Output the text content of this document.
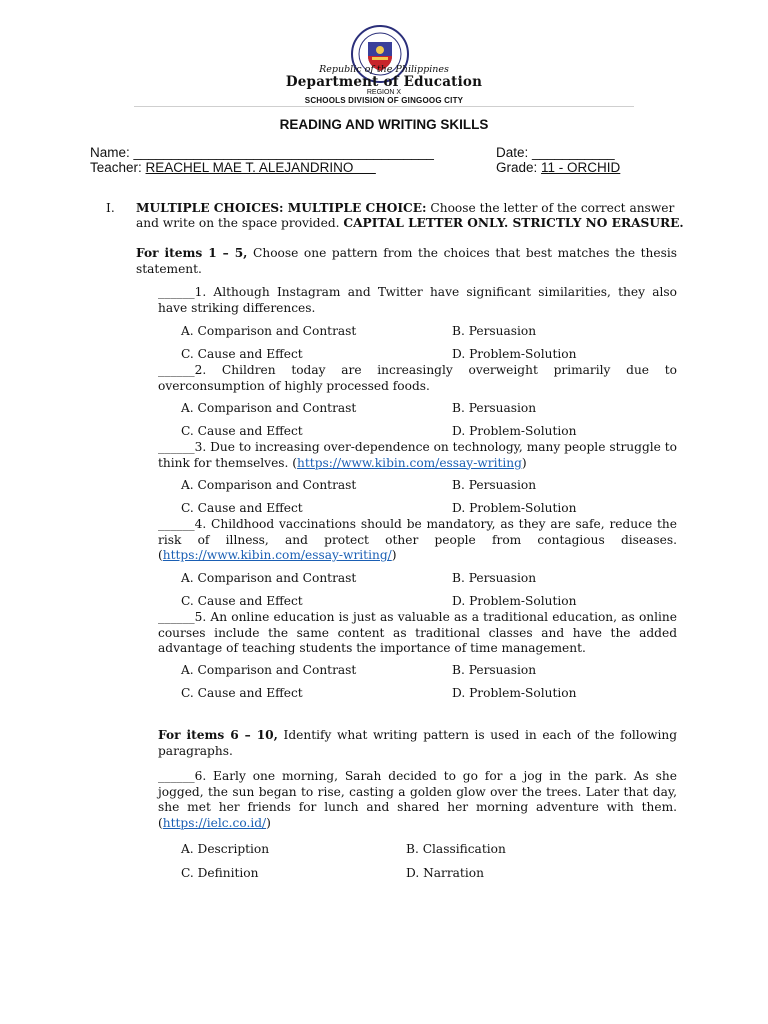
Republic of the Philippines
Department of Education
REGION X
SCHOOLS DIVISION OF GINGOOG CITY
READING AND WRITING SKILLS
Name: ________________________________________	Date: ___________
Teacher: REACHEL MAE T. ALEJANDRINO	Grade: 11 - ORCHID
I. MULTIPLE CHOICES: MULTIPLE CHOICE: Choose the letter of the correct answer
and write on the space provided. CAPITAL LETTER ONLY. STRICTLY NO ERASURE.
For items 1 – 5, Choose one pattern from the choices that best matches the thesis statement.
______1. Although Instagram and Twitter have significant similarities, they also have striking differences.
A. Comparison and Contrast	B. Persuasion
C. Cause and Effect	D. Problem-Solution
______2. Children today are increasingly overweight primarily due to overconsumption of highly processed foods.
A. Comparison and Contrast	B. Persuasion
C. Cause and Effect	D. Problem-Solution
______3. Due to increasing over-dependence on technology, many people struggle to think for themselves. (https://www.kibin.com/essay-writing)
A. Comparison and Contrast	B. Persuasion
C. Cause and Effect	D. Problem-Solution
______4. Childhood vaccinations should be mandatory, as they are safe, reduce the risk of illness, and protect other people from contagious diseases. (https://www.kibin.com/essay-writing/)
A. Comparison and Contrast	B. Persuasion
C. Cause and Effect	D. Problem-Solution
______5. An online education is just as valuable as a traditional education, as online courses include the same content as traditional classes and have the added advantage of teaching students the importance of time management.
A. Comparison and Contrast	B. Persuasion
C. Cause and Effect	D. Problem-Solution
For items 6 – 10, Identify what writing pattern is used in each of the following paragraphs.
______6. Early one morning, Sarah decided to go for a jog in the park. As she jogged, the sun began to rise, casting a golden glow over the trees. Later that day, she met her friends for lunch and shared her morning adventure with them. (https://ielc.co.id/)
A. Description	B. Classification
C. Definition	D. Narration
